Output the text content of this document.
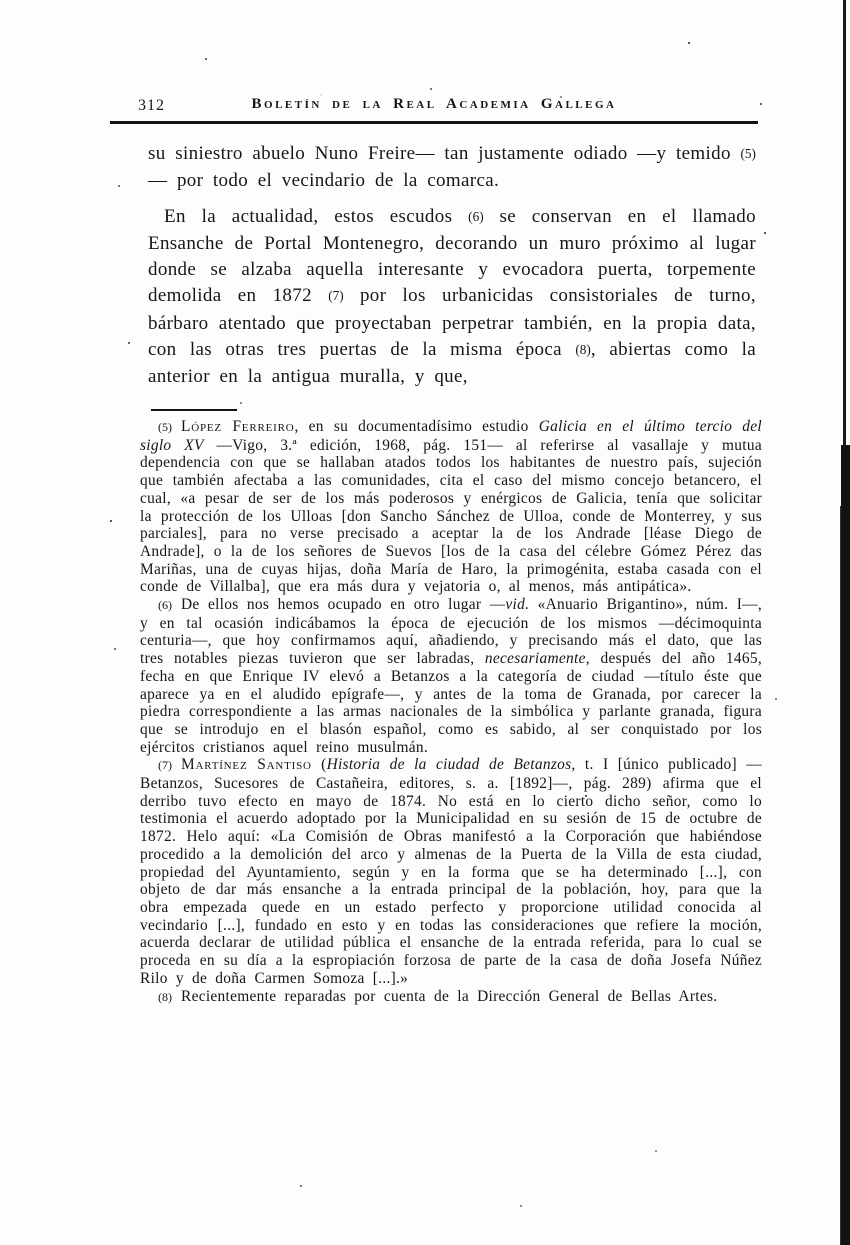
312	Boletín de la Real Academia Gallega

su siniestro abuelo Nuno Freire— tan justamente odiado —y temido (5)— por todo el vecindario de la comarca.

En la actualidad, estos escudos (6) se conservan en el llamado Ensanche de Portal Montenegro, decorando un muro próximo al lugar donde se alzaba aquella interesante y evocadora puerta, torpemente demolida en 1872 (7) por los urbanicidas consistoriales de turno, bárbaro atentado que proyectaban perpetrar también, en la propia data, con las otras tres puertas de la misma época (8), abiertas como la anterior en la antigua muralla, y que,

(5) López Ferreiro, en su documentadísimo estudio Galicia en el último tercio del siglo XV —Vigo, 3.ª edición, 1968, pág. 151— al referirse al vasallaje y mutua dependencia con que se hallaban atados todos los habitantes de nuestro país, sujeción que también afectaba a las comunidades, cita el caso del mismo concejo betancero, el cual, «a pesar de ser de los más poderosos y enérgicos de Galicia, tenía que solicitar la protección de los Ulloas [don Sancho Sánchez de Ulloa, conde de Monterrey, y sus parciales], para no verse precisado a aceptar la de los Andrade [léase Diego de Andrade], o la de los señores de Suevos [los de la casa del célebre Gómez Pérez das Mariñas, una de cuyas hijas, doña María de Haro, la primogénita, estaba casada con el conde de Villalba], que era más dura y vejatoria o, al menos, más antipática».

(6) De ellos nos hemos ocupado en otro lugar —vid. «Anuario Brigantino», núm. I—, y en tal ocasión indicábamos la época de ejecución de los mismos —décimoquinta centuria—, que hoy confirmamos aquí, añadiendo, y precisando más el dato, que las tres notables piezas tuvieron que ser labradas, necesariamente, después del año 1465, fecha en que Enrique IV elevó a Betanzos a la categoría de ciudad —título éste que aparece ya en el aludido epígrafe—, y antes de la toma de Granada, por carecer la piedra correspondiente a las armas nacionales de la simbólica y parlante granada, figura que se introdujo en el blasón español, como es sabido, al ser conquistado por los ejércitos cristianos aquel reino musulmán.

(7) Martínez Santiso (Historia de la ciudad de Betanzos, t. I [único publicado] —Betanzos, Sucesores de Castañeira, editores, s. a. [1892]—, pág. 289) afirma que el derribo tuvo efecto en mayo de 1874. No está en lo cierto dicho señor, como lo testimonia el acuerdo adoptado por la Municipalidad en su sesión de 15 de octubre de 1872. Helo aquí: «La Comisión de Obras manifestó a la Corporación que habiéndose procedido a la demolición del arco y almenas de la Puerta de la Villa de esta ciudad, propiedad del Ayuntamiento, según y en la forma que se ha determinado [...], con objeto de dar más ensanche a la entrada principal de la población, hoy, para que la obra empezada quede en un estado perfecto y proporcione utilidad conocida al vecindario [...], fundado en esto y en todas las consideraciones que refiere la moción, acuerda declarar de utilidad pública el ensanche de la entrada referida, para lo cual se proceda en su día a la espropiación forzosa de parte de la casa de doña Josefa Núñez Rilo y de doña Carmen Somoza [...].»

(8) Recientemente reparadas por cuenta de la Dirección General de Bellas Artes.
